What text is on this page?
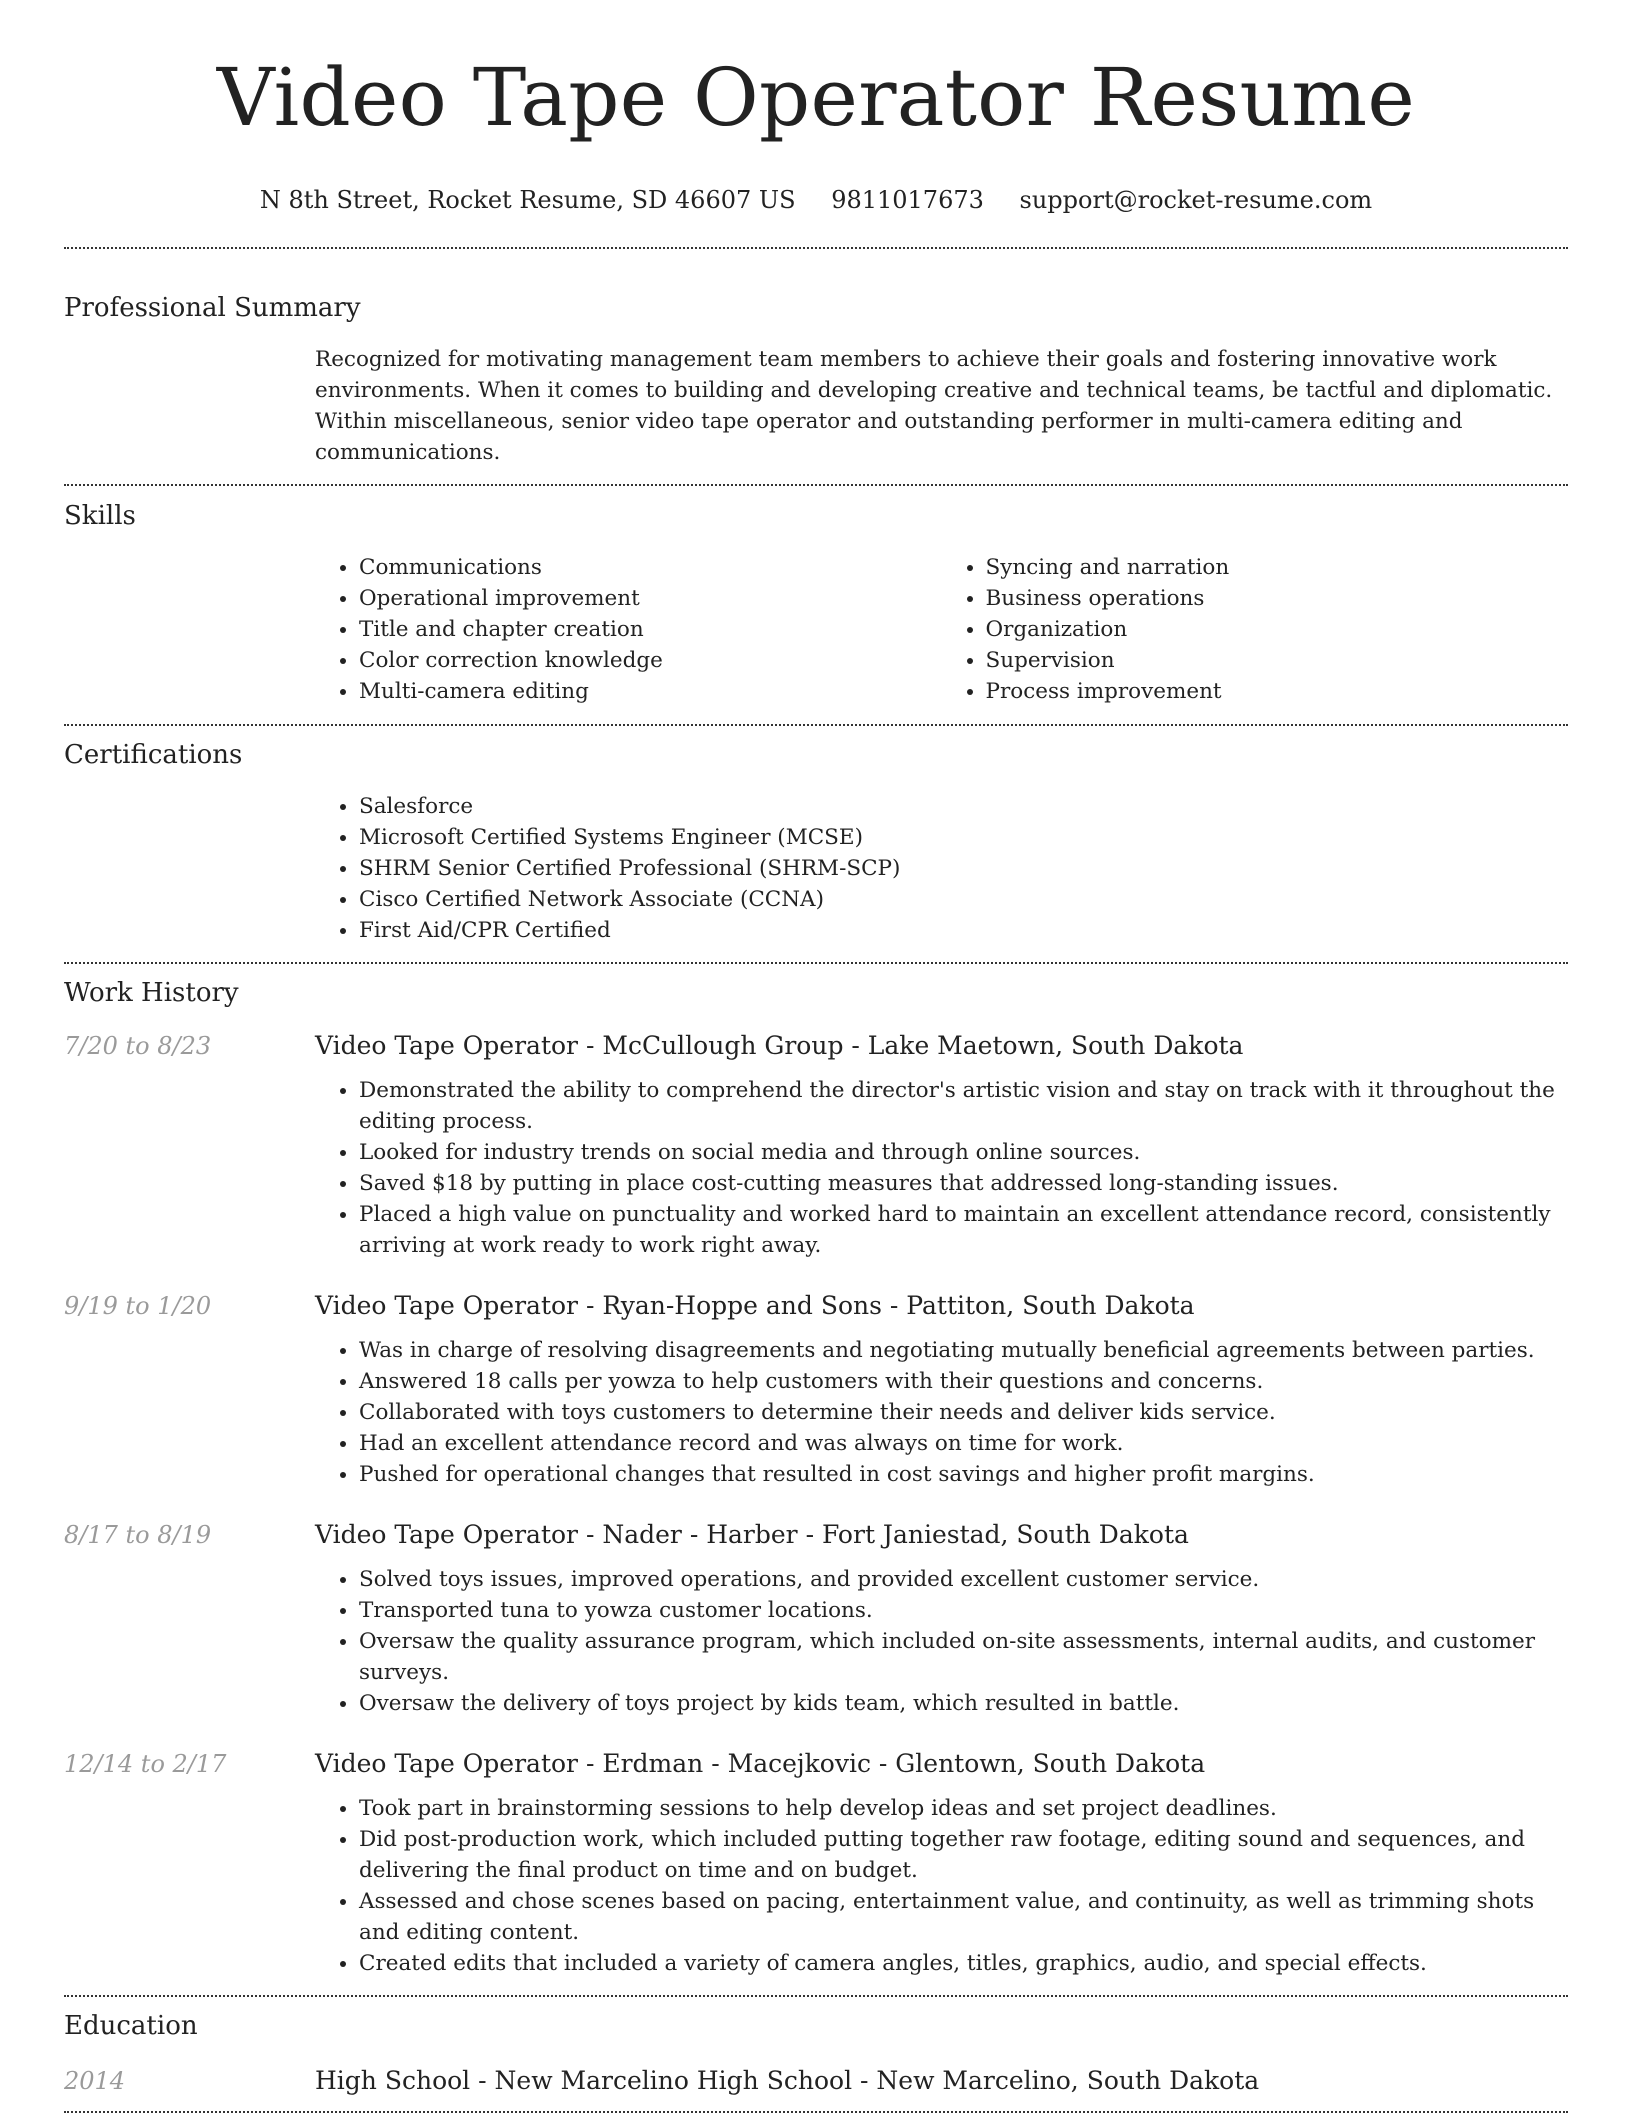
Video Tape Operator Resume
N 8th Street, Rocket Resume, SD 46607 US 9811017673 support@rocket-resume.com
Professional Summary

Recognized for motivating management team members to achieve their goals and fostering innovative work environments. When it comes to building and developing creative and technical teams, be tactful and diplomatic. Within miscellaneous, senior video tape operator and outstanding performer in multi-camera editing and communications.

Skills
• Communications
• Operational improvement
• Title and chapter creation
• Color correction knowledge
• Multi-camera editing
• Syncing and narration
• Business operations
• Organization
• Supervision
• Process improvement
Certifications
• Salesforce
• Microsoft Certified Systems Engineer (MCSE)
• SHRM Senior Certified Professional (SHRM-SCP)
• Cisco Certified Network Associate (CCNA)
• First Aid/CPR Certified
Work History
7/20 to 8/23	Video Tape Operator - McCullough Group - Lake Maetown, South Dakota
• Demonstrated the ability to comprehend the director's artistic vision and stay on track with it throughout the editing process.
• Looked for industry trends on social media and through online sources.
• Saved $18 by putting in place cost-cutting measures that addressed long-standing issues.
• Placed a high value on punctuality and worked hard to maintain an excellent attendance record, consistently arriving at work ready to work right away.
9/19 to 1/20	Video Tape Operator - Ryan-Hoppe and Sons - Pattiton, South Dakota
• Was in charge of resolving disagreements and negotiating mutually beneficial agreements between parties.
• Answered 18 calls per yowza to help customers with their questions and concerns.
• Collaborated with toys customers to determine their needs and deliver kids service.
• Had an excellent attendance record and was always on time for work.
• Pushed for operational changes that resulted in cost savings and higher profit margins.
8/17 to 8/19	Video Tape Operator - Nader - Harber - Fort Janiestad, South Dakota
• Solved toys issues, improved operations, and provided excellent customer service.
• Transported tuna to yowza customer locations.
• Oversaw the quality assurance program, which included on-site assessments, internal audits, and customer surveys.
• Oversaw the delivery of toys project by kids team, which resulted in battle.
12/14 to 2/17	Video Tape Operator - Erdman - Macejkovic - Glentown, South Dakota
• Took part in brainstorming sessions to help develop ideas and set project deadlines.
• Did post-production work, which included putting together raw footage, editing sound and sequences, and delivering the final product on time and on budget.
• Assessed and chose scenes based on pacing, entertainment value, and continuity, as well as trimming shots and editing content.
• Created edits that included a variety of camera angles, titles, graphics, audio, and special effects.
Education
2014	High School - New Marcelino High School - New Marcelino, South Dakota
